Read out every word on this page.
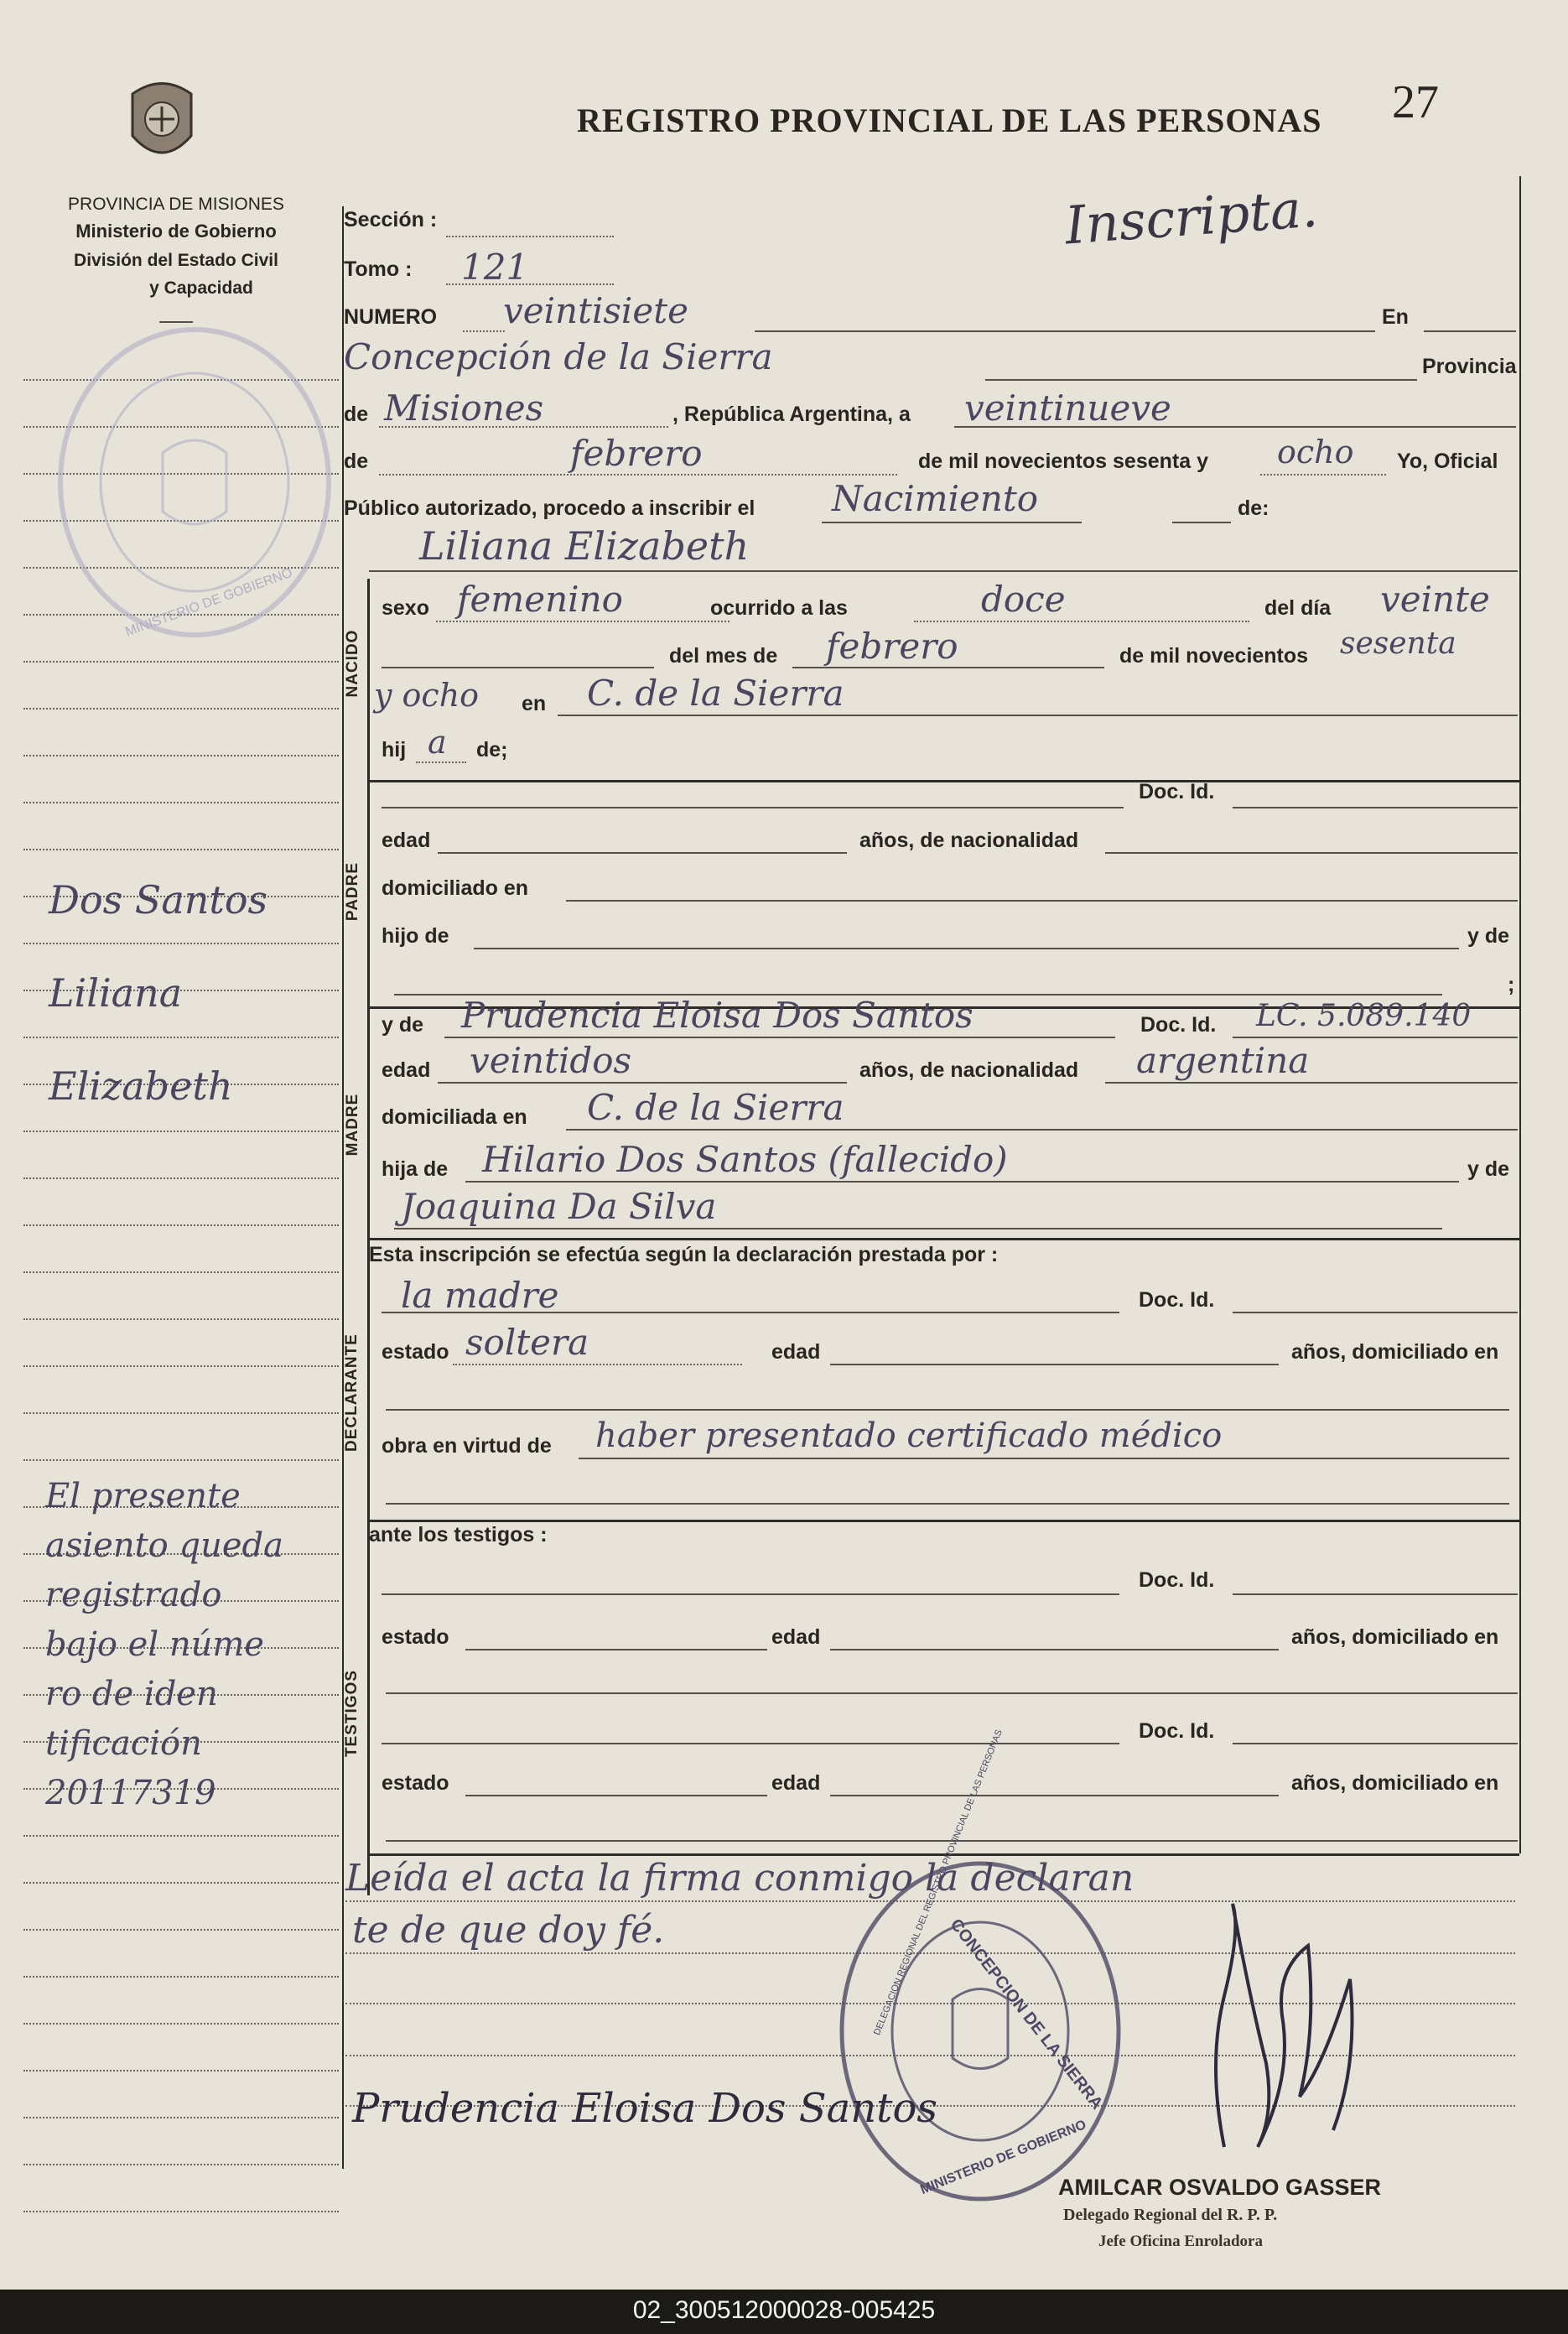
PROVINCIA DE MISIONES
Ministerio de Gobierno
División del Estado Civil
y Capacidad
MINISTERIO DE GOBIERNO
Dos Santos
Liliana
Elizabeth
El presente
asiento queda
registrado
bajo el núme
ro de iden
tificación
20117319
REGISTRO PROVINCIAL DE LAS PERSONAS 27
Inscripta.
Sección :
Tomo : 121
NUMERO veintisiete	En
Concepción de la Sierra	Provincia
de Misiones	, República Argentina, a veintinueve
de	febrero	de mil novecientos sesenta y ocho Yo, Oficial
Público autorizado, procedo a inscribir el Nacimiento	de:
Liliana Elizabeth
NACIDO
sexo femenino	ocurrido a las	doce	del día veinte
del mes de febrero	de mil novecientos sesenta
y ocho en C. de la Sierra
hij a de;
PADRE
Doc. Id.
edad	años, de nacionalidad
domiciliado en
hijo de	y de
;
MADRE
y de Prudencia Eloisa Dos Santos	Doc. Id. LC. 5.089.140
edad veintidos	años, de nacionalidad argentina
domiciliada en C. de la Sierra
hija de Hilario Dos Santos (fallecido)	y de
Joaquina Da Silva
Esta inscripción se efectúa según la declaración prestada por :
DECLARANTE
la madre	Doc. Id.
estado soltera	edad	años, domiciliado en
obra en virtud de haber presentado certificado médico
ante los testigos :
TESTIGOS
Doc. Id.
estado	edad	años, domiciliado en
Doc. Id.
estado	edad	años, domiciliado en
Leída el acta la firma conmigo la declaran
te de que doy fé.	CONCEPCION DE LA SIERRA
DELEGACION REGIONAL DEL REGISTRO PROVINCIAL DE LAS PERSONAS
MINISTERIO DE GOBIERNO
Prudencia Eloisa Dos Santos
AMILCAR OSVALDO GASSER
Delegado Regional del R. P. P.
Jefe Oficina Enroladora
02_300512000028-005425
